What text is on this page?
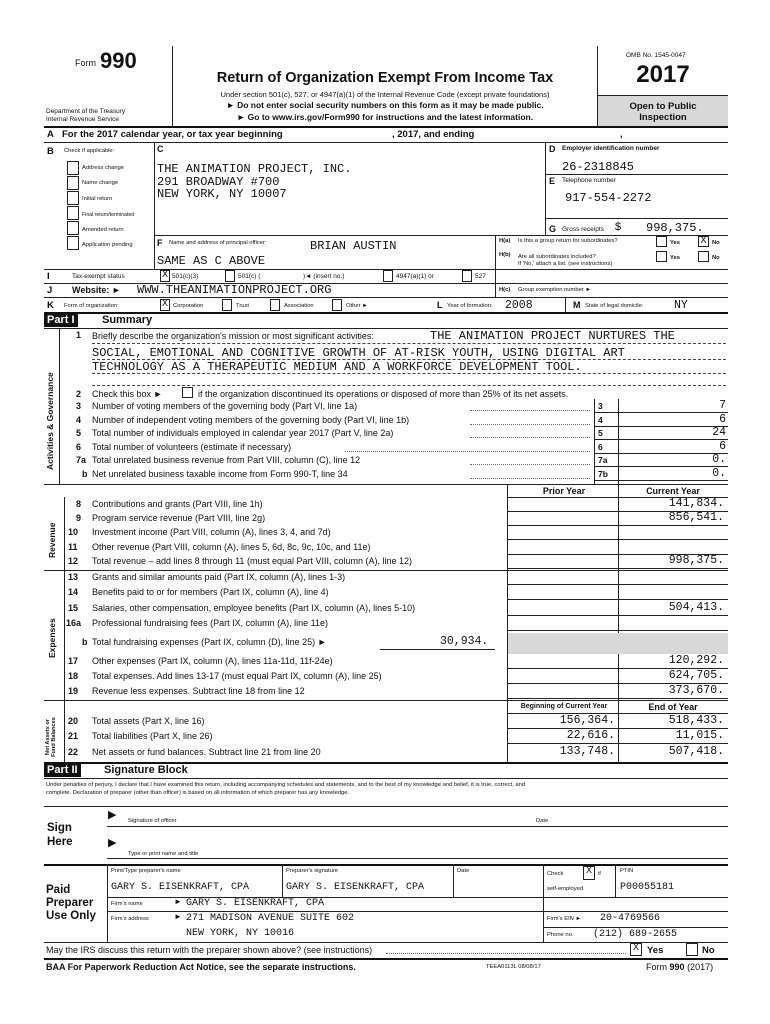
Form 990
Department of the Treasury
Internal Revenue Service
Return of Organization Exempt From Income Tax
Under section 501(c), 527, or 4947(a)(1) of the Internal Revenue Code (except private foundations)
► Do not enter social security numbers on this form as it may be made public.
► Go to www.irs.gov/Form990 for instructions and the latest information.
OMB No. 1545-0047
2017
Open to Public
Inspection
A For the 2017 calendar year, or tax year beginning	, 2017, and ending	,
B Check if applicable:
Address change
Name change
Initial return
Final return/terminated
Amended return
Application pending
C
THE ANIMATION PROJECT, INC.
291 BROADWAY #700
NEW YORK, NY 10007
D Employer identification number
26-2318845
E Telephone number
917-554-2272
G Gross receipts $ 998,375.
F Name and address of principal officer:	BRIAN AUSTIN
SAME AS C ABOVE
H(a) Is this a group return for subordinates?	Yes X No
H(b) Are all subordinates included?
If 'No,' attach a list. (see instructions)
Yes	No
I	Tax-exempt status	X 501(c)(3)	501(c) (	)◄ (insert no.)	4947(a)(1) or	527
J Website: ► WWW.THEANIMATIONPROJECT.ORG	H(c) Group exemption number ►
K Form of organization:	X Corporation	Trust	Association	Other ►	L Year of formation: 2008	M State of legal domicile:	NY
Part I Summary
Activities & Governance
1 Briefly describe the organization's mission or most significant activities:	THE ANIMATION PROJECT NURTURES THE
SOCIAL, EMOTIONAL AND COGNITIVE GROWTH OF AT-RISK YOUTH, USING DIGITAL ART
TECHNOLOGY AS A THERAPEUTIC MEDIUM AND A WORKFORCE DEVELOPMENT TOOL.
2 Check this box ►	if the organization discontinued its operations or disposed of more than 25% of its net assets.
3 Number of voting members of the governing body (Part VI, line 1a)	3	7
4 Number of independent voting members of the governing body (Part VI, line 1b)	4	6
5 Total number of individuals employed in calendar year 2017 (Part V, line 2a)	5	24
6 Total number of volunteers (estimate if necessary)	6	6
7a Total unrelated business revenue from Part VIII, column (C), line 12	7a	0.
b Net unrelated business taxable income from Form 990-T, line 34	7b	0.
Prior Year	Current Year
Revenue
Expenses
8 Contributions and grants (Part VIII, line 1h)	141,834.
9 Program service revenue (Part VIII, line 2g)	856,541.
10 Investment income (Part VIII, column (A), lines 3, 4, and 7d)
11 Other revenue (Part VIII, column (A), lines 5, 6d, 8c, 9c, 10c, and 11e)
12 Total revenue – add lines 8 through 11 (must equal Part VIII, column (A), line 12)	998,375.
13 Grants and similar amounts paid (Part IX, column (A), lines 1-3)
14 Benefits paid to or for members (Part IX, column (A), line 4)
15 Salaries, other compensation, employee benefits (Part IX, column (A), lines 5-10)	504,413.
16a Professional fundraising fees (Part IX, column (A), line 11e)
17 Other expenses (Part IX, column (A), lines 11a-11d, 11f-24e)	120,292.
18 Total expenses. Add lines 13-17 (must equal Part IX, column (A), line 25)	624,705.
19 Revenue less expenses. Subtract line 18 from line 12	373,670.
b Total fundraising expenses (Part IX, column (D), line 25) ►	30,934.
Beginning of Current Year	End of Year
Net Assets or Fund Balances 20 Total assets (Part X, line 16)	156,364.	518,433.
21 Total liabilities (Part X, line 26)	22,616.	11,015.
22 Net assets or fund balances. Subtract line 21 from line 20	133,748.	507,418.
Part II Signature Block
Under penalties of perjury, I declare that I have examined this return, including accompanying schedules and statements, and to the best of my knowledge and belief, it is true, correct, and
complete. Declaration of preparer (other than officer) is based on all information of which preparer has any knowledge.
Sign
Here
▶
▶
Signature of officer	Date
Type or print name and title
Paid
Preparer
Use Only
Print/Type preparer's name	Preparer's signature	Date	Check X	if
self-employed
PTIN
GARY S. EISENKRAFT, CPA	GARY S. EISENKRAFT, CPA	P00055181
Firm's name	► GARY S. EISENKRAFT, CPA
Firm's address	► 271 MADISON AVENUE SUITE 602
NEW YORK, NY 10016
Firm's EIN ► 20-4769566
Phone no. (212) 689-2655
May the IRS discuss this return with the preparer shown above? (see instructions)	X Yes	No
BAA For Paperwork Reduction Act Notice, see the separate instructions.	TEEA0113L 08/08/17	Form 990 (2017)
